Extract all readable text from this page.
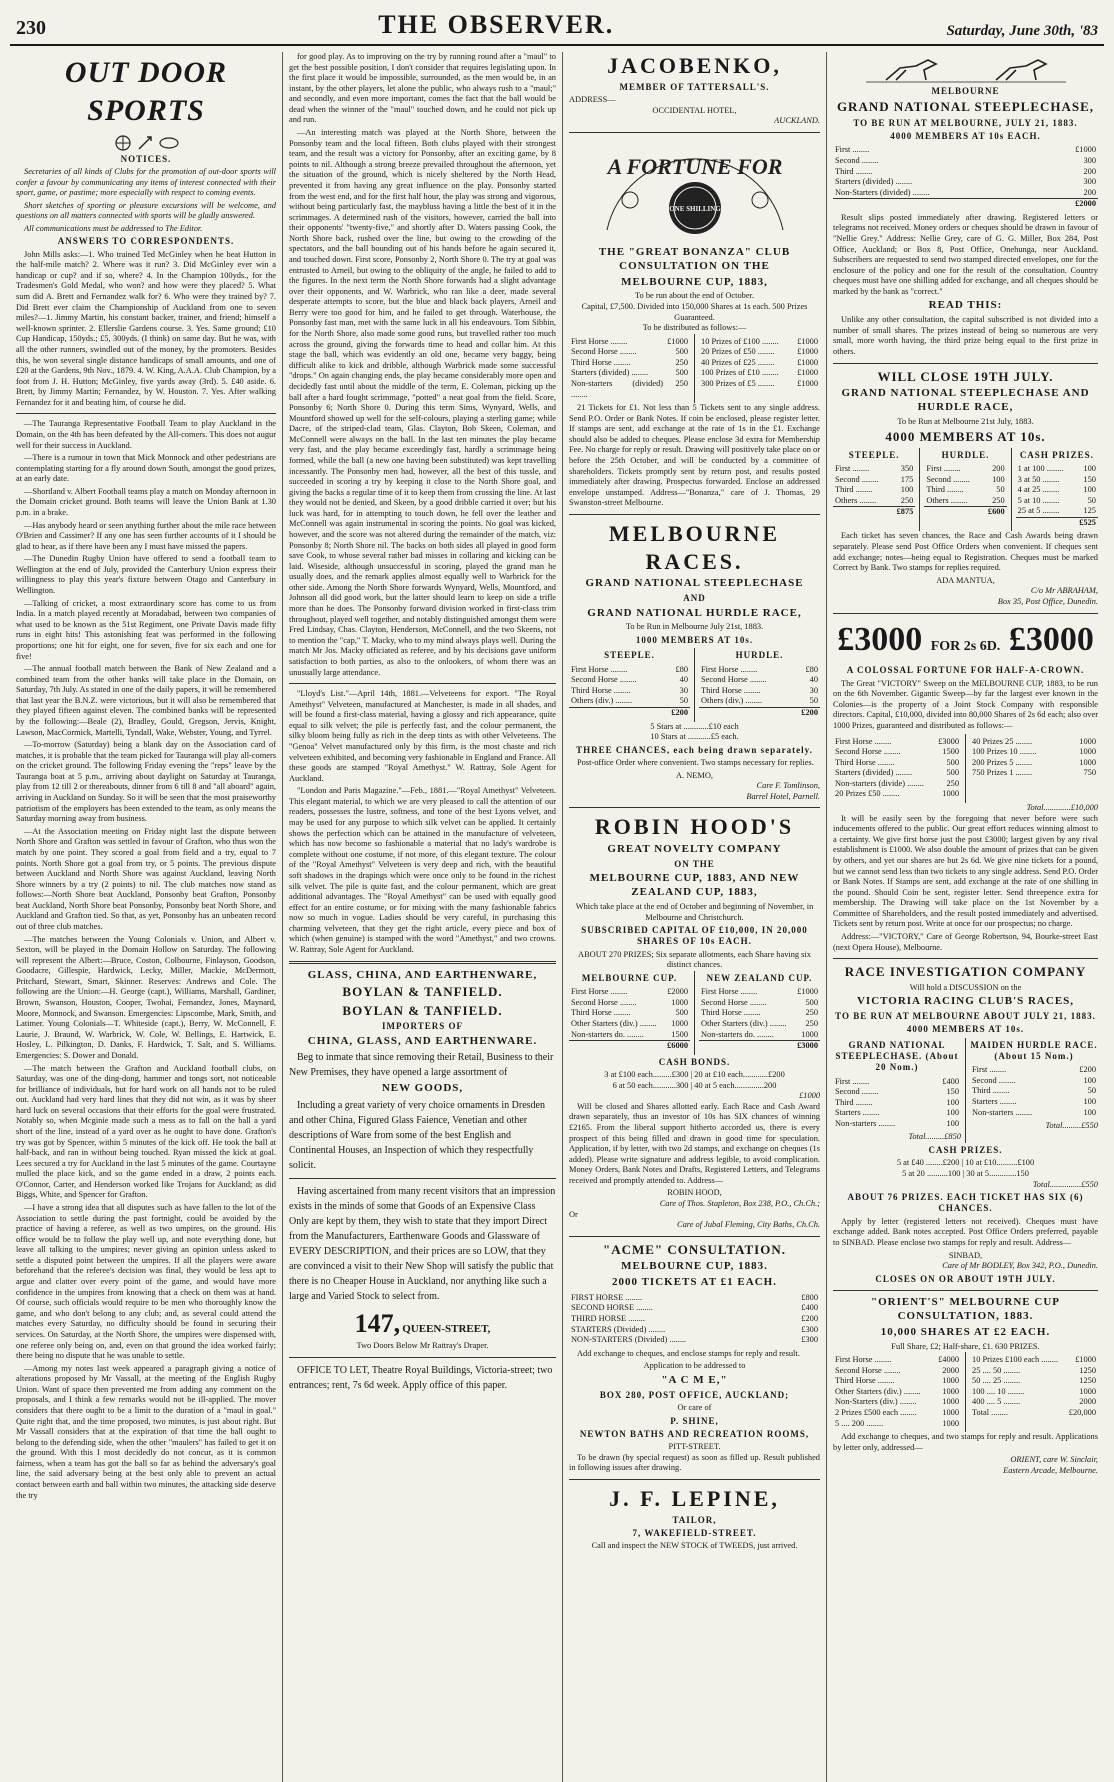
230	THE OBSERVER.	Saturday, June 30th, '83
OUT DOOR SPORTS
NOTICES.

Secretaries of all kinds of Clubs for the promotion of out-door sports will confer a favour by communicating any items of interest connected with their sport, game, or pastime; more especially with respect to coming events.

Short sketches of sporting or pleasure excursions will be welcome, and questions on all matters connected with sports will be gladly answered.

All communications must be addressed to The Editor.

ANSWERS TO CORRESPONDENTS.

John Mills asks:—1. Who trained Ted McGinley when he beat Hutton in the half-mile match? 2. Where was it run? 3. Did McGinley ever win a handicap or cup? and if so, where? 4. In the Champion 100yds., for the Tradesmen's Gold Medal, who won? and how were they placed? 5. What sum did A. Brett and Fernandez walk for? 6. Who were they trained by? 7. Did Brett ever claim the Championship of Auckland from one to seven miles?—1. Jimmy Martin, his constant backer, trainer, and friend; himself a well-known sprinter. 2. Ellerslie Gardens course. 3. Yes. Same ground; £10 Cup Handicap, 150yds.; £5, 300yds. (I think) on same day. But he was, with all the other runners, swindled out of the money, by the promoters. Besides this, he won several single distance handicaps of small amounts, and one of £20 at the Gardens, 9th Nov., 1879. 4. W. King, A.A.A. Club Champion, by a foot from J. H. Hutton; McGinley, five yards away (3rd). 5. £40 aside. 6. Brett, by Jimmy Martin; Fernandez, by W. Houston. 7. Yes. After walking Fernandez for it and beating him, of course he did.

—The Tauranga Representative Football Team to play Auckland in the Domain, on the 4th has been defeated by the All-comers. This does not augur well for their success in Auckland.

—There is a rumour in town that Mick Monnock and other pedestrians are contemplating starting for a fly around down South, amongst the good prizes, at an early date.

—Shortland v. Albert Football teams play a match on Monday afternoon in the Domain cricket ground. Both teams will leave the Union Bank at 1.30 p.m. in a brake.

—Has anybody heard or seen anything further about the mile race between O'Brien and Cassimer? If any one has seen further accounts of it I should be glad to hear, as if there have been any I must have missed the papers.

—The Dunedin Rugby Union have offered to send a football team to Wellington at the end of July, provided the Canterbury Union express their willingness to play this year's fixture between Otago and Canterbury in Wellington.

—Talking of cricket, a most extraordinary score has come to us from India. In a match played recently at Moradabad, between two companies of what used to be known as the 51st Regiment, one Private Davis made fifty runs in eight hits! This astonishing feat was performed in the following proportions; one hit for eight, one for seven, five for six each and one for five!

—The annual football match between the Bank of New Zealand and a combined team from the other banks will take place in the Domain, on Saturday, 7th July. As stated in one of the daily papers, it will be remembered that last year the B.N.Z. were victorious, but it will also be remembered that they played fifteen against eleven. The combined banks will be represented by the following:—Beale (2), Bradley, Gould, Gregson, Jervis, Knight, Lawson, MacCormick, Martelli, Tyndall, Wake, Webster, Young, and Tyrrel.

—To-morrow (Saturday) being a blank day on the Association card of matches, it is probable that the team picked for Tauranga will play all-comers on the cricket ground. The following Friday evening the "reps" leave by the Tauranga boat at 5 p.m., arriving about daylight on Saturday at Tauranga, play from 12 till 2 or thereabouts, dinner from 6 till 8 and "all aboard" again, arriving in Auckland on Sunday. So it will be seen that the most praiseworthy patriotism of the employers has been extended to the team, as only means the Saturday morning away from business.

—At the Association meeting on Friday night last the dispute between North Shore and Grafton was settled in favour of Grafton, who thus won the match by one point. They scored a goal from field and a try, equal to 7 points. North Shore got a goal from try, or 5 points. The previous dispute between Auckland and North Shore was against Auckland, leaving North Shore winners by a try (2 points) to nil. The club matches now stand as follows:—North Shore beat Auckland, Ponsonby beat Grafton, Ponsonby beat Auckland, North Shore beat Ponsonby, Ponsonby beat North Shore, and Auckland and Grafton tied. So that, as yet, Ponsonby has an unbeaten record out of three club matches.

—The matches between the Young Colonials v. Union, and Albert v. Sexton, will be played in the Domain Hollow on Saturday. The following will represent the Albert:—Bruce, Coston, Colbourne, Finlayson, Goodson, Goodacre, Gillespie, Hardwick, Lecky, Miller, Mackie, McDermott, Pritchard, Stewart, Smart, Skinner. Reserves: Andrews and Cole. The following are the Union:—H. George (capt.), Williams, Marshall, Gardiner, Brown, Swanson, Houston, Cooper, Twohai, Fernandez, Jones, Maynard, Moore, Monnock, and Swanson. Emergencies: Lipscombe, Mark, Smith, and Latimer. Young Colonials—T. Whiteside (capt.), Berry, W. McConnell, F. Laurie, J. Braund, W. Warbrick, W. Cole, W. Bellings, E. Hartwick, E. Hosley, L. Pilkington, D. Danks, F. Hardwick, T. Salt, and S. Williams. Emergencies: S. Dower and Donald.

—The match between the Grafton and Auckland football clubs, on Saturday, was one of the ding-dong, hammer and tongs sort, not noticeable for brilliance of individuals, but for hard work on all hands not to be ruled out. Auckland had very hard lines that they did not win, as it was by sheer hard luck on several occasions that their efforts for the goal were frustrated. Notably so, when Mcginie made such a mess as to fall on the ball a yard short of the line, instead of a yard over as he ought to have done. Grafton's try was got by Spencer, within 5 minutes of the kick off. He took the ball at half-back, and ran in without being touched. Ryan missed the kick at goal. Lees secured a try for Auckland in the last 5 minutes of the game. Courtayne mulled the place kick, and so the game ended in a draw, 2 points each. O'Connor, Carter, and Henderson worked like Trojans for Auckland; as did Biggs, White, and Spencer for Grafton.

—I have a strong idea that all disputes such as have fallen to the lot of the Association to settle during the past fortnight, could be avoided by the practice of having a referee, as well as two umpires, on the ground. His office would be to follow the play well up, and note everything done, but leave all talking to the umpires; never giving an opinion unless asked to settle a disputed point between the umpires. If all the players were aware beforehand that the referee's decision was final, they would be less apt to argue and clatter over every point of the game, and would have more confidence in the umpires from knowing that a check on them was at hand. Of course, such officials would require to be men who thoroughly know the game, and who don't belong to any club; and, as several could attend the matches every Saturday, no difficulty should be found in securing their services. On Saturday, at the North Shore, the umpires were dispensed with, one referee only being on, and, even on that ground the idea worked fairly; there being no dispute that he was unable to settle.

—Among my notes last week appeared a paragraph giving a notice of alterations proposed by Mr Vassall, at the meeting of the English Rugby Union. Want of space then prevented me from adding any comment on the proposals, and I think a few remarks would not be ill-applied. The mover considers that there ought to be a limit to the duration of a "maul in goal." Quite right that, and the time proposed, two minutes, is just about right. But Mr Vassall considers that at the expiration of that time the ball ought to belong to the defending side, when the other "maulers" has failed to get it on the ground. With this I most decidedly do not concur, as it is common fairness, when a team has got the ball so far as behind the adversary's goal line, the said adversary being at the best only able to prevent an actual contact between earth and ball within two minutes, the attacking side deserve the try

for good play. As to improving on the try by running round after a "maul" to get the best possible position, I don't consider that requires legislating upon. In the first place it would be impossible, surrounded, as the men would be, in an instant, by the other players, let alone the public, who always rush to a "maul;" and secondly, and even more important, comes the fact that the ball would be dead when the winner of the "maul" touched down, and he could not pick up and run.

—An interesting match was played at the North Shore, between the Ponsonby team and the local fifteen. Both clubs played with their strongest team, and the result was a victory for Ponsonby, after an exciting game, by 8 points to nil. Although a strong breeze prevailed throughout the afternoon, yet the situation of the ground, which is nicely sheltered by the North Head, prevented it from having any great influence on the play. Ponsonby started from the west end, and for the first half hour, the play was strong and vigorous, without being particularly fast, the maybluss having a little the best of it in the scrimmages. A determined rush of the visitors, however, carried the ball into their opponents' "twenty-five," and shortly after D. Waters passing Cook, the North Shore back, rushed over the line, but owing to the crowding of the spectators, and the ball bounding out of his hands before he again secured it, and touched down. First score, Ponsonby 2, North Shore 0. The try at goal was entrusted to Arneil, but owing to the obliquity of the angle, he failed to add to the figures. In the next term the North Shore forwards had a slight advantage over their opponents, and W. Warbrick, who ran like a deer, made several desperate attempts to score, but the blue and black back players, Arneil and Berry were too good for him, and he failed to get through. Waterhouse, the Ponsonby fast man, met with the same luck in all his endeavours. Tom Sibbin, for the North Shore, also made some good runs, but travelled rather too much across the ground, giving the forwards time to head and collar him. At this stage the ball, which was evidently an old one, became very baggy, being difficult alike to kick and dribble, although Warbrick made some successful "drops." On again changing ends, the play became considerably more open and decidedly fast until about the middle of the term, E. Coleman, picking up the ball after a hard fought scrimmage, "potted" a neat goal from the field. Score, Ponsonby 6; North Shore 0. During this term Sims, Wynyard, Wells, and Mountford showed up well for the self-colours, playing a sterling game; while Dacre, of the striped-clad team, Glas. Clayton, Bob Skeen, Coleman, and McConnell were always on the ball. In the last ten minutes the play became very fast, and the play became exceedingly fast, hardly a scrimmage being formed, while the ball (a new one having been substituted) was kept travelling incessantly. The Ponsonby men had, however, all the best of this tussle, and succeeded in scoring a try by keeping it close to the North Shore goal, and giving the backs a regular time of it to keep them from crossing the line. At last they would not be denied, and Skeen, by a good dribble carried it over; but his luck was hard, for in attempting to touch down, he fell over the leather and McConnell was again instrumental in scoring the points. No goal was kicked, however, and the score was not altered during the remainder of the match, viz: Ponsonby 8; North Shore nil. The backs on both sides all played in good form save Cook, to whose several rather bad misses in collaring and kicking can be laid. Wiseside, although unsuccessful in scoring, played the grand man he usually does, and the remark applies almost equally well to Warbrick for the other side. Among the North Shore forwards Wynyard, Wells, Mountford, and Johnson all did good work, but the latter should learn to keep on side a trifle more than he does. The Ponsonby forward division worked in first-class trim throughout, played well together, and notably distinguished amongst them were Fred Lindsay, Chas. Clayton, Henderson, McConnell, and the two Skeens, not to mention the "cap," T. Macky, who to my mind always plays well. During the match Mr Jos. Macky officiated as referee, and by his decisions gave uniform satisfaction to both parties, as also to the onlookers, of whom there was an unusually large attendance.

"Lloyd's List."—April 14th, 1881.—Velveteens for export. "The Royal Amethyst" Velveteen, manufactured at Manchester, is made in all shades, and will be found a first-class material, having a glossy and rich appearance, quite equal to silk velvet; the pile is perfectly fast, and the colour permanent, the silky bloom being fully as rich in the deep tints as with other Velveteens. The "Genoa" Velvet manufactured only by this firm, is the most chaste and rich velveteen exhibited, and becoming very fashionable in England and France. All these goods are stamped "Royal Amethyst." W. Rattray, Sole Agent for Auckland.

"London and Paris Magazine."—Feb., 1881.—"Royal Amethyst" Velveteen. This elegant material, to which we are very pleased to call the attention of our readers, possesses the lustre, softness, and tone of the best Lyons velvet, and may be used for any purpose to which silk velvet can be applied. It certainly shows the perfection which can be attained in the manufacture of velveteen, which has now become so fashionable a material that no lady's wardrobe is complete without one costume, if not more, of this elegant texture. The colour of the "Royal Amethyst" Velveteen is very deep and rich, with the beautiful soft shadows in the drapings which were once only to be found in the richest silk velvet. The pile is quite fast, and the colour permanent, which are great additional advantages. The "Royal Amethyst" can be used with equally good effect for an entire costume, or for mixing with the many fashionable fabrics now so much in vogue. Ladies should be very careful, in purchasing this charming velveteen, that they get the right article, every piece and box of which (when genuine) is stamped with the word "Amethyst," and two crowns. W. Rattray, Sole Agent for Auckland.

GLASS, CHINA, AND EARTHENWARE,
BOYLAN & TANFIELD.
BOYLAN & TANFIELD.
IMPORTERS OF
CHINA, GLASS, AND EARTHENWARE.

Beg to inmate that since removing their Retail, Business to their New Premises, they have opened a large assortment of

NEW GOODS,

Including a great variety of very choice ornaments in Dresden and other China, Figured Glass Faience, Venetian and other descriptions of Ware from some of the best English and Continental Houses, an Inspection of which they respectfully solicit.

Having ascertained from many recent visitors that an impression exists in the minds of some that Goods of an Expensive Class Only are kept by them, they wish to state that they import Direct from the Manufacturers, Earthenware Goods and Glassware of EVERY DESCRIPTION, and their prices are so LOW, that they are convinced a visit to their New Shop will satisfy the public that there is no Cheaper House in Auckland, nor anything like such a large and Varied Stock to select from.

147, QUEEN-STREET,
Two Doors Below Mr Rattray's Draper.

OFFICE TO LET, Theatre Royal Buildings, Victoria-street; two entrances; rent, 7s 6d week. Apply office of this paper.

JACOBENKO,
MEMBER OF TATTERSALL'S.
ADDRESS—
OCCIDENTAL HOTEL,
AUCKLAND.
A FORTUNE FOR
ONE SHILLING
THE "GREAT BONANZA" CLUB CONSULTATION ON THE
MELBOURNE CUP, 1883,
To be run about the end of October.
Capital, £7,500. Divided into 150,000 Shares at 1s each. 500 Prizes Guaranteed.
To be distributed as follows:—
First Horse ........	£1000
Second Horse ........	500
Third Horse ........	250
Starters (divided) ........	500
Non-starters (divided) ........	250
10 Prizes of £100 ........	£1000
20 Prizes of £50 ........	£1000
40 Prizes of £25 ........	£1000
100 Prizes of £10 ........	£1000
300 Prizes of £5 ........	£1000

21 Tickets for £1. Not less than 5 Tickets sent to any single address. Send P.O. Order or Bank Notes. If coin be enclosed, please register letter. If stamps are sent, add exchange at the rate of 1s in the £1. Exchange should also be added to cheques. Please enclose 3d extra for Membership Fee. No charge for reply or result. Drawing will positively take place on or before the 25th October, and will be conducted by a committee of shareholders. Tickets promptly sent by return post, and results posted immediately after drawing. Prospectus forwarded. Enclose an addressed envelope unstamped. Address—"Bonanza," care of J. Thomas, 29 Swanston-street Melbourne.

MELBOURNE RACES.
GRAND NATIONAL STEEPLECHASE
AND
GRAND NATIONAL HURDLE RACE,
To be Run in Melbourne July 21st, 1883.
1000 MEMBERS AT 10s.
STEEPLE.
First Horse ........	£80
Second Horse ........	40
Third Horse ........	30
Others (div.) ........	50
	£200
HURDLE.
First Horse ........	£80
Second Horse ........	40
Third Horse ........	30
Others (div.) ........	50
	£200
5 Stars at ............£10 each
10 Stars at ...........£5 each.
THREE CHANCES, each being drawn separately.

Post-office Order where convenient. Two stamps necessary for replies.

A. NEMO,
Care F. Tomlinson,
Barrel Hotel, Parnell.
ROBIN HOOD'S
GREAT NOVELTY COMPANY
ON THE
MELBOURNE CUP, 1883, AND NEW ZEALAND CUP, 1883,
Which take place at the end of October and beginning of November, in Melbourne and Christchurch.
SUBSCRIBED CAPITAL OF £10,000, IN 20,000 SHARES OF 10s EACH.
ABOUT 270 PRIZES; Six separate allotments, each Share having six distinct chances.
MELBOURNE CUP.
First Horse ........	£2000
Second Horse ........	1000
Third Horse ........	500
Other Starters (div.) ........	1000
Non-starters do. ........	1500
	£6000
NEW ZEALAND CUP.
First Horse ........	£1000
Second Horse ........	500
Third Horse ........	250
Other Starters (div.) ........	250
Non-starters do. ........	1000
	£3000
CASH BONDS.
3 at £100 each.........£300 | 20 at £10 each............£200
6 at 50 each...........300 | 40 at 5 each..............200
£1000

Will be closed and Shares allotted early. Each Race and Cash Award drawn separately, thus an investor of 10s has SIX chances of winning £2165. From the liberal support hitherto accorded us, there is every prospect of this being filled and drawn in good time for speculation. Application, if by letter, with two 2d stamps, and exchange on cheques (1s added). Please write signature and address legible, to avoid complication. Money Orders, Bank Notes and Drafts, Registered Letters, and Telegrams received and promptly attended to. Address—

ROBIN HOOD,
Care of Thos. Stapleton, Box 238, P.O., Ch.Ch.;
Or
Care of Jubal Fleming, City Baths, Ch.Ch.
"ACME" CONSULTATION.
MELBOURNE CUP, 1883.
2000 TICKETS AT £1 EACH.
FIRST HORSE ........	£800
SECOND HORSE ........	£400
THIRD HORSE ........	£200
STARTERS (Divided) ........	£300
NON-STARTERS (Divided) ........	£300

Add exchange to cheques, and enclose stamps for reply and result.

Application to be addressed to
"A C M E,"
BOX 280, POST OFFICE, AUCKLAND;
Or care of
P. SHINE,
NEWTON BATHS AND RECREATION ROOMS,
PITT-STREET.

To be drawn (by special request) as soon as filled up. Result published in following issues after drawing.

J. F. LEPINE,
TAILOR,
7, WAKEFIELD-STREET.
Call and inspect the NEW STOCK of TWEEDS, just arrived.
MELBOURNE
GRAND NATIONAL STEEPLECHASE,
TO BE RUN AT MELBOURNE, JULY 21, 1883.
4000 MEMBERS AT 10s EACH.
First ........	£1000
Second ........	300
Third ........	200
Starters (divided) ........	300
Non-Starters (divided) ........	200
	£2000

Result slips posted immediately after drawing. Registered letters or telegrams not received. Money orders or cheques should be drawn in favour of "Nellie Grey." Address: Nellie Grey, care of G. G. Miller, Box 284, Post Office, Auckland; or Box 8, Post Office, Onehunga, near Auckland. Subscribers are requested to send two stamped directed envelopes, one for the enclosure of the policy and one for the result of the consultation. Country cheques must have one shilling added for exchange, and all cheques should be marked by the bank as "correct."

READ THIS:

Unlike any other consultation, the capital subscribed is not divided into a number of small shares. The prizes instead of being so numerous are very small, more worth having, the third prize being equal to the first prize in others.

WILL CLOSE 19TH JULY.
GRAND NATIONAL STEEPLECHASE AND HURDLE RACE,
To be Run at Melbourne 21st July, 1883.
4000 MEMBERS AT 10s.
STEEPLE.
First ........	350
Second ........	175
Third ........	100
Others ........	250
	£875
HURDLE.
First ........	200
Second ........	100
Third ........	50
Others ........	250
	£600
CASH PRIZES.
1 at 100 ........	100
3 at 50 ........	150
4 at 25 ........	100
5 at 10 ........	50
25 at 5 ........	125
	£525

Each ticket has seven chances, the Race and Cash Awards being drawn separately. Please send Post Office Orders when convenient. If cheques sent add exchange; notes—being equal to Registration. Cheques must be marked Correct by Bank. Two stamps for replies required.

ADA MANTUA,
C/o Mr ABRAHAM,
Box 35, Post Office, Dunedin.
£3000 FOR 2s 6D. £3000
A COLOSSAL FORTUNE FOR HALF-A-CROWN.

The Great "VICTORY" Sweep on the MELBOURNE CUP, 1883, to be run on the 6th November. Gigantic Sweep—by far the largest ever known in the Colonies—is the property of a Joint Stock Company with responsible directors. Capital, £10,000, divided into 80,000 Shares of 2s 6d each; also over 1000 Prizes, guaranteed and distributed as follows:—

First Horse ........	£3000
Second Horse ........	1500
Third Horse ........	500
Starters (divided) ........	500
Non-starters (divide) ........	250
20 Prizes £50 ........	1000
40 Prizes 25 ........	1000
100 Prizes 10 ........	1000
200 Prizes 5 ........	1000
750 Prizes 1 ........	750
Total.............£10,000

It will be easily seen by the foregoing that never before were such inducements offered to the public. Our great effort reduces winning almost to a certainty. We give first horse just the post £3000; largest given by any rival establishment is £1000. We also double the amount of prizes that can be given by others, and yet our shares are but 2s 6d. We give nine tickets for a pound, but we cannot send less than two tickets to any single address. Send P.O. Order or Bank Notes. If Stamps are sent, add exchange at the rate of one shilling in the pound. Should Coin be sent, register letter. Send threepence extra for membership. The Drawing will take place on the 1st November by a Committee of Shareholders, and the result posted immediately and advertised. Tickets sent by return post. Write at once for our prospectus; no charge.

Address:—"VICTORY," Care of George Robertson, 94, Bourke-street East (next Opera House), Melbourne.

RACE INVESTIGATION COMPANY
Will hold a DISCUSSION on the
VICTORIA RACING CLUB'S RACES,
TO BE RUN AT MELBOURNE ABOUT JULY 21, 1883.
4000 MEMBERS AT 10s.
GRAND NATIONAL STEEPLECHASE. (About 20 Nom.)
First ........	£400
Second ........	150
Third ........	100
Starters ........	100
Non-starters ........	100
Total.........£850
MAIDEN HURDLE RACE. (About 15 Nom.)
First ........	£200
Second ........	100
Third ........	50
Starters ........	100
Non-starters ........	100
Total.........£550
CASH PRIZES.
5 at £40 ........£200 | 10 at £10..........£100
5 at 20 ..........100 | 30 at 5.............150
Total...............£550
ABOUT 76 PRIZES. EACH TICKET HAS SIX (6) CHANCES.

Apply by letter (registered letters not received). Cheques must have exchange added. Bank notes accepted. Post Office Orders preferred, payable to SINBAD. Please enclose two stamps for reply and result. Address—

SINBAD,
Care of Mr BODLEY, Box 342, P.O., Dunedin.
CLOSES ON OR ABOUT 19TH JULY.
"ORIENT'S" MELBOURNE CUP CONSULTATION, 1883.
10,000 SHARES AT £2 EACH.
Full Share, £2; Half-share, £1. 630 PRIZES.
First Horse ........	£4000
Second Horse ........	2000
Third Horse ........	1000
Other Starters (div.) ........	1000
Non-Starters (div.) ........	1000
2 Prizes £500 each ........	1000
5 .... 200 ........	1000
10 Prizes £100 each ........	£1000
25 .... 50 ........	1250
50 .... 25 ........	1250
100 .... 10 ........	1000
400 .... 5 ........	2000
Total ........	£20,000

Add exchange to cheques, and two stamps for reply and result. Applications by letter only, addressed—

ORIENT, care W. Sinclair,
Eastern Arcade, Melbourne.
